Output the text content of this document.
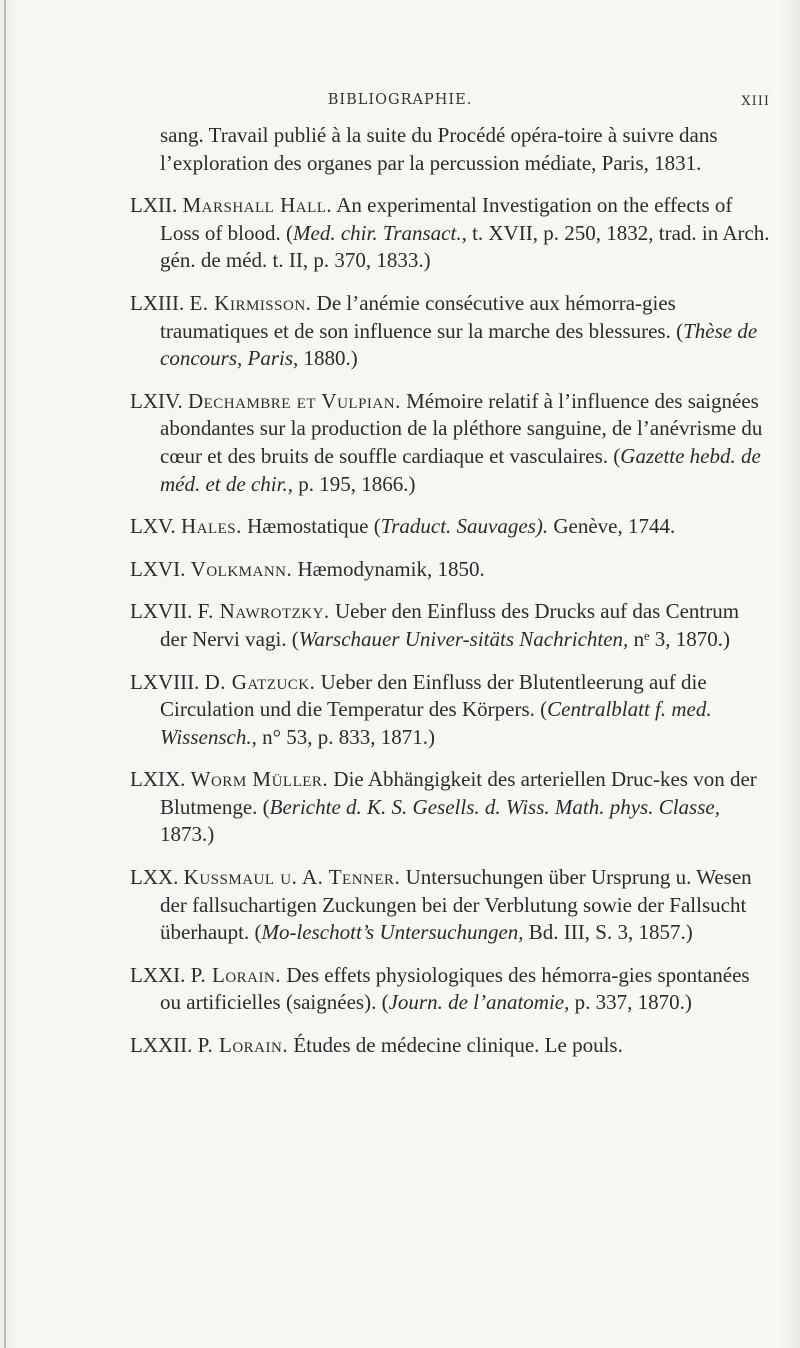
BIBLIOGRAPHIE.	XIII

sang. Travail publié à la suite du Procédé opéra-toire à suivre dans l’exploration des organes par la percussion médiate, Paris, 1831.

LXII. Marshall Hall. An experimental Investigation on the effects of Loss of blood. (Med. chir. Transact., t. XVII, p. 250, 1832, trad. in Arch. gén. de méd. t. II, p. 370, 1833.)

LXIII. E. Kirmisson. De l’anémie consécutive aux hémorra-gies traumatiques et de son influence sur la marche des blessures. (Thèse de concours, Paris, 1880.)

LXIV. Dechambre et Vulpian. Mémoire relatif à l’influence des saignées abondantes sur la production de la pléthore sanguine, de l’anévrisme du cœur et des bruits de souffle cardiaque et vasculaires. (Gazette hebd. de méd. et de chir., p. 195, 1866.)

LXV. Hales. Hæmostatique (Traduct. Sauvages). Genève, 1744.

LXVI. Volkmann. Hæmodynamik, 1850.

LXVII. F. Nawrotzky. Ueber den Einfluss des Drucks auf das Centrum der Nervi vagi. (Warschauer Univer-sitäts Nachrichten, nᵉ 3, 1870.)

LXVIII. D. Gatzuck. Ueber den Einfluss der Blutentleerung auf die Circulation und die Temperatur des Körpers. (Centralblatt f. med. Wissensch., n° 53, p. 833, 1871.)

LXIX. Worm Müller. Die Abhängigkeit des arteriellen Druc-kes von der Blutmenge. (Berichte d. K. S. Gesells. d. Wiss. Math. phys. Classe, 1873.)

LXX. Kussmaul u. A. Tenner. Untersuchungen über Ursprung u. Wesen der fallsuchartigen Zuckungen bei der Verblutung sowie der Fallsucht überhaupt. (Mo-leschott’s Untersuchungen, Bd. III, S. 3, 1857.)

LXXI. P. Lorain. Des effets physiologiques des hémorra-gies spontanées ou artificielles (saignées). (Journ. de l’anatomie, p. 337, 1870.)

LXXII. P. Lorain. Études de médecine clinique. Le pouls.
